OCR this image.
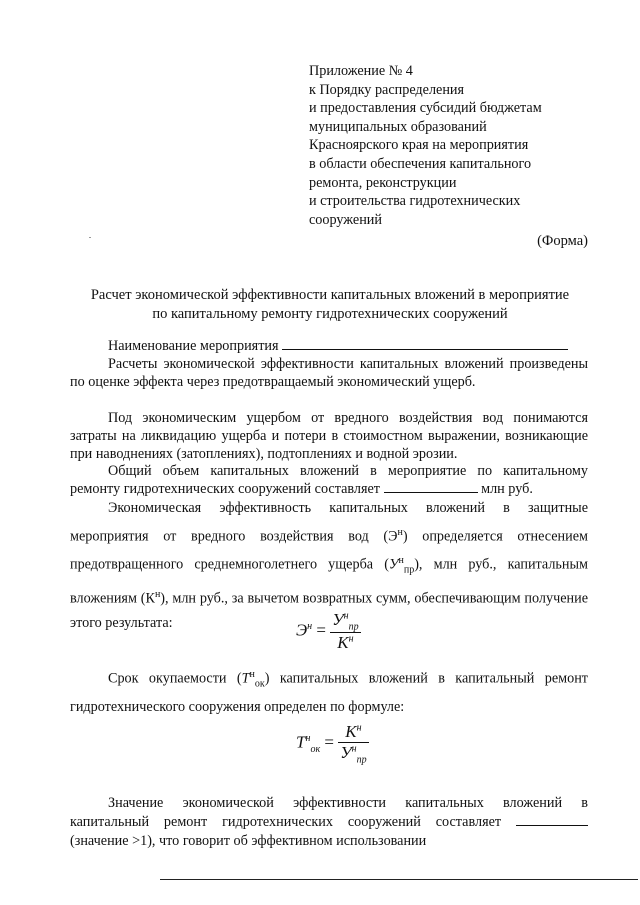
Приложение № 4
к Порядку распределения
и предоставления субсидий бюджетам
муниципальных образований
Красноярского края на мероприятия
в области обеспечения капитального
ремонта, реконструкции
и строительства гидротехнических
сооружений
(Форма)
Расчет экономической эффективности капитальных вложений в мероприятие
по капитальному ремонту гидротехнических сооружений
Наименование мероприятия
Расчеты экономической эффективности капитальных вложений произведены по оценке эффекта через предотвращаемый экономический ущерб.
Под экономическим ущербом от вредного воздействия вод понимаются затраты на ликвидацию ущерба и потери в стоимостном выражении, возникающие при наводнениях (затоплениях), подтоплениях и водной эрозии.
Общий объем капитальных вложений в мероприятие по капитальному ремонту гидротехнических сооружений составляет	млн руб.
Экономическая эффективность капитальных вложений в защитные мероприятия от вредного воздействия вод $(Э^н)$ определяется отнесением предотвращенного среднемноголетнего ущерба $(У^н_{пр})$, млн руб., капитальным вложениям $(К^н)$, млн руб., за вычетом возвратных сумм, обеспечивающим получение этого результата:	$Э^н = \frac{У^н_{пр}}{К^н}$
Срок окупаемости $(Т^н_{ок})$ капитальных вложений в капитальный ремонт гидротехнического сооружения определен по формуле:
$Т^н_{ок} = \frac{К^н}{У^н_{пр}}$
Значение экономической эффективности капитальных вложений в капитальный ремонт гидротехнических сооружений составляет (значение >1), что говорит об эффективном использовании
